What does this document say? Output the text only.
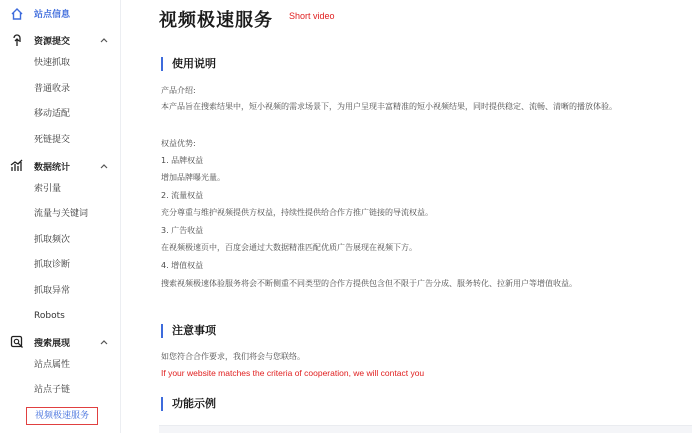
站点信息
资源提交
快速抓取
普通收录
移动适配
死链提交
数据统计
索引量
流量与关键词
抓取频次
抓取诊断
抓取异常
Robots
搜索展现
站点属性
站点子链
视频极速服务
视频极速服务 Short video
使用说明
产品介绍:
本产品旨在搜索结果中，短小视频的需求场景下，为用户呈现丰富精准的短小视频结果，同时提供稳定、流畅、清晰的播放体验。
权益优势:
1. 品牌权益
增加品牌曝光量。
2. 流量权益
充分尊重与维护视频提供方权益，持续性提供给合作方推广链接的导流权益。
3. 广告收益
在视频极速页中，百度会通过大数据精准匹配优质广告展现在视频下方。
4. 增值权益
搜索视频极速体验服务将会不断侧重不同类型的合作方提供包含但不限于广告分成、服务转化、拉新用户等增值收益。
注意事项
如您符合合作要求，我们将会与您联络。
If your website matches the criteria of cooperation, we will contact you
功能示例
